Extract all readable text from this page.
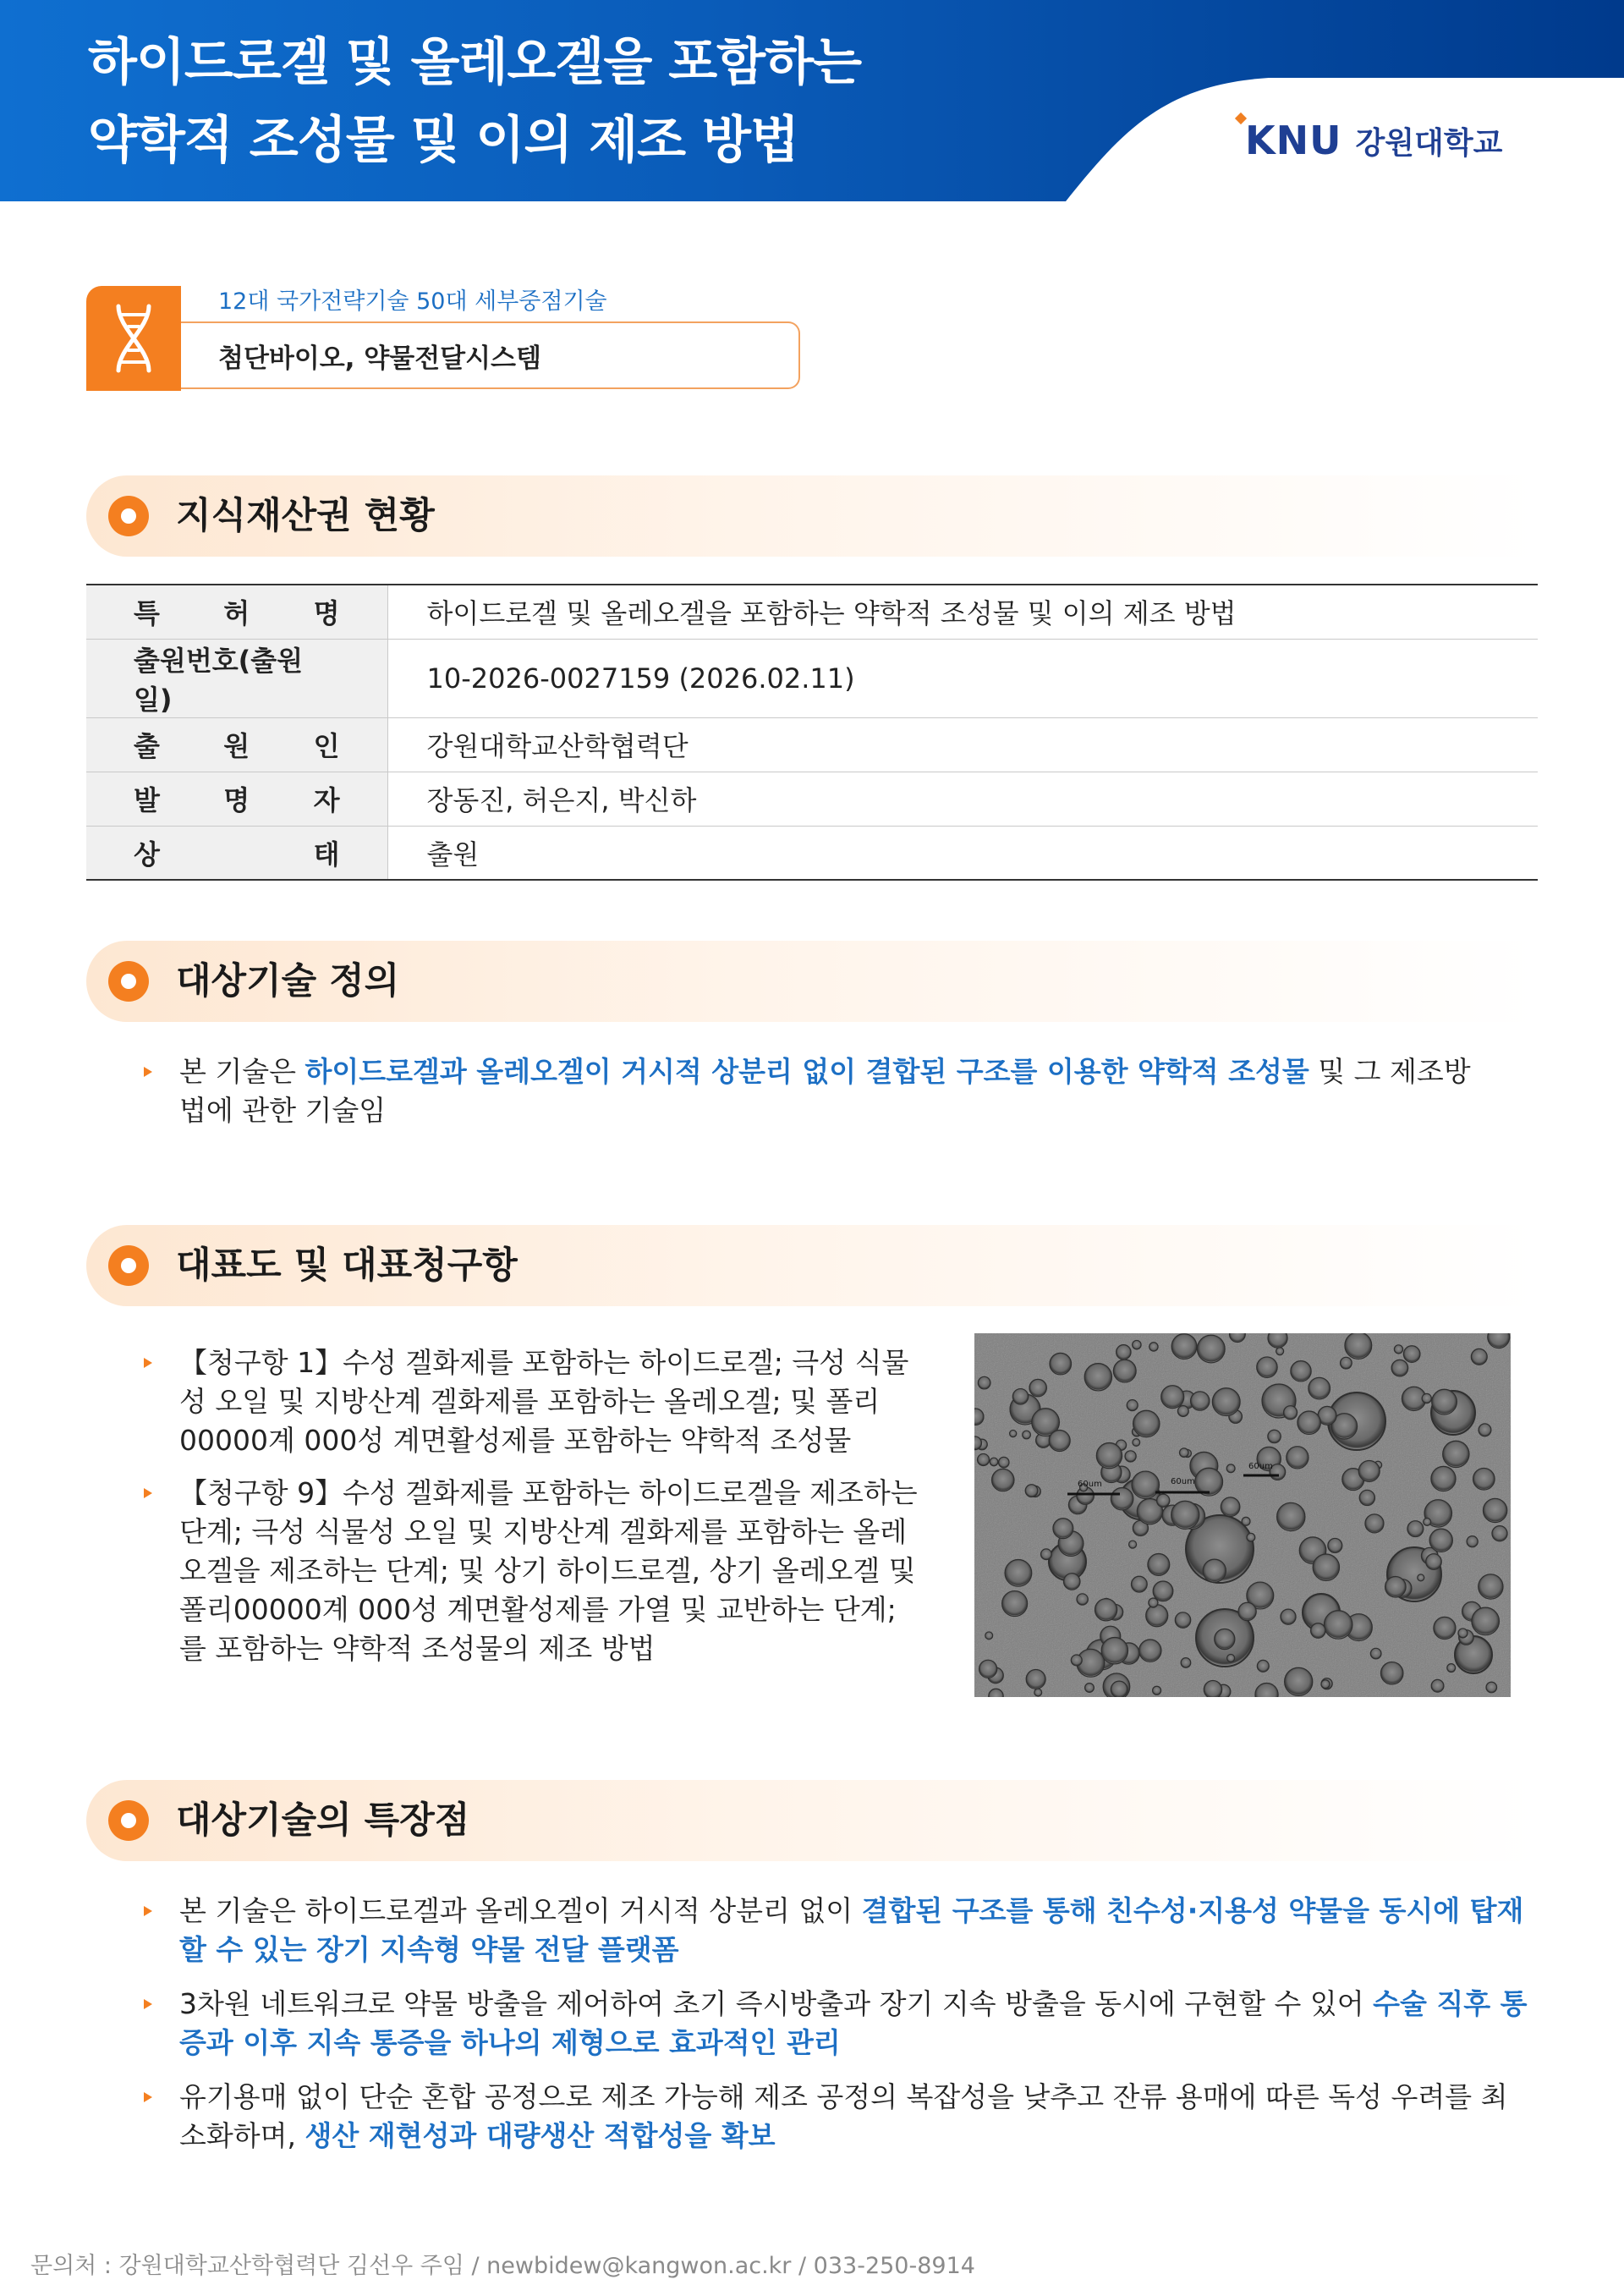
하이드로겔 및 올레오겔을 포함하는
약학적 조성물 및 이의 제조 방법	KNU 강원대학교
12대 국가전략기술 50대 세부중점기술
첨단바이오, 약물전달시스템
지식재산권 현황
특 허 명	하이드로겔 및 올레오겔을 포함하는 약학적 조성물 및 이의 제조 방법

출원번호(출원일)	10-2026-0027159 (2026.02.11)

출 원 인	강원대학교산학협력단

발 명 자	장동진, 허은지, 박신하

상 태	출원
대상기술 정의
본 기술은 하이드로겔과 올레오겔이 거시적 상분리 없이 결합된 구조를 이용한 약학적 조성물 및 그 제조방법에 관한 기술임
대표도 및 대표청구항
【청구항 1】수성 겔화제를 포함하는 하이드로겔; 극성 식물성 오일 및 지방산계 겔화제를 포함하는 올레오겔; 및 폴리00000계 000성 계면활성제를 포함하는 약학적 조성물
【청구항 9】수성 겔화제를 포함하는 하이드로겔을 제조하는 단계; 극성 식물성 오일 및 지방산계 겔화제를 포함하는 올레오겔을 제조하는 단계; 및 상기 하이드로겔, 상기 올레오겔 및 폴리00000계 000성 계면활성제를 가열 및 교반하는 단계;를 포함하는 약학적 조성물의 제조 방법
60um	60um
60um
대상기술의 특장점
본 기술은 하이드로겔과 올레오겔이 거시적 상분리 없이 결합된 구조를 통해 친수성·지용성 약물을 동시에 탑재할 수 있는 장기 지속형 약물 전달 플랫폼
3차원 네트워크로 약물 방출을 제어하여 초기 즉시방출과 장기 지속 방출을 동시에 구현할 수 있어 수술 직후 통증과 이후 지속 통증을 하나의 제형으로 효과적인 관리
유기용매 없이 단순 혼합 공정으로 제조 가능해 제조 공정의 복잡성을 낮추고 잔류 용매에 따른 독성 우려를 최소화하며, 생산 재현성과 대량생산 적합성을 확보
문의처 : 강원대학교산학협력단 김선우 주임 / newbidew@kangwon.ac.kr / 033-250-8914
